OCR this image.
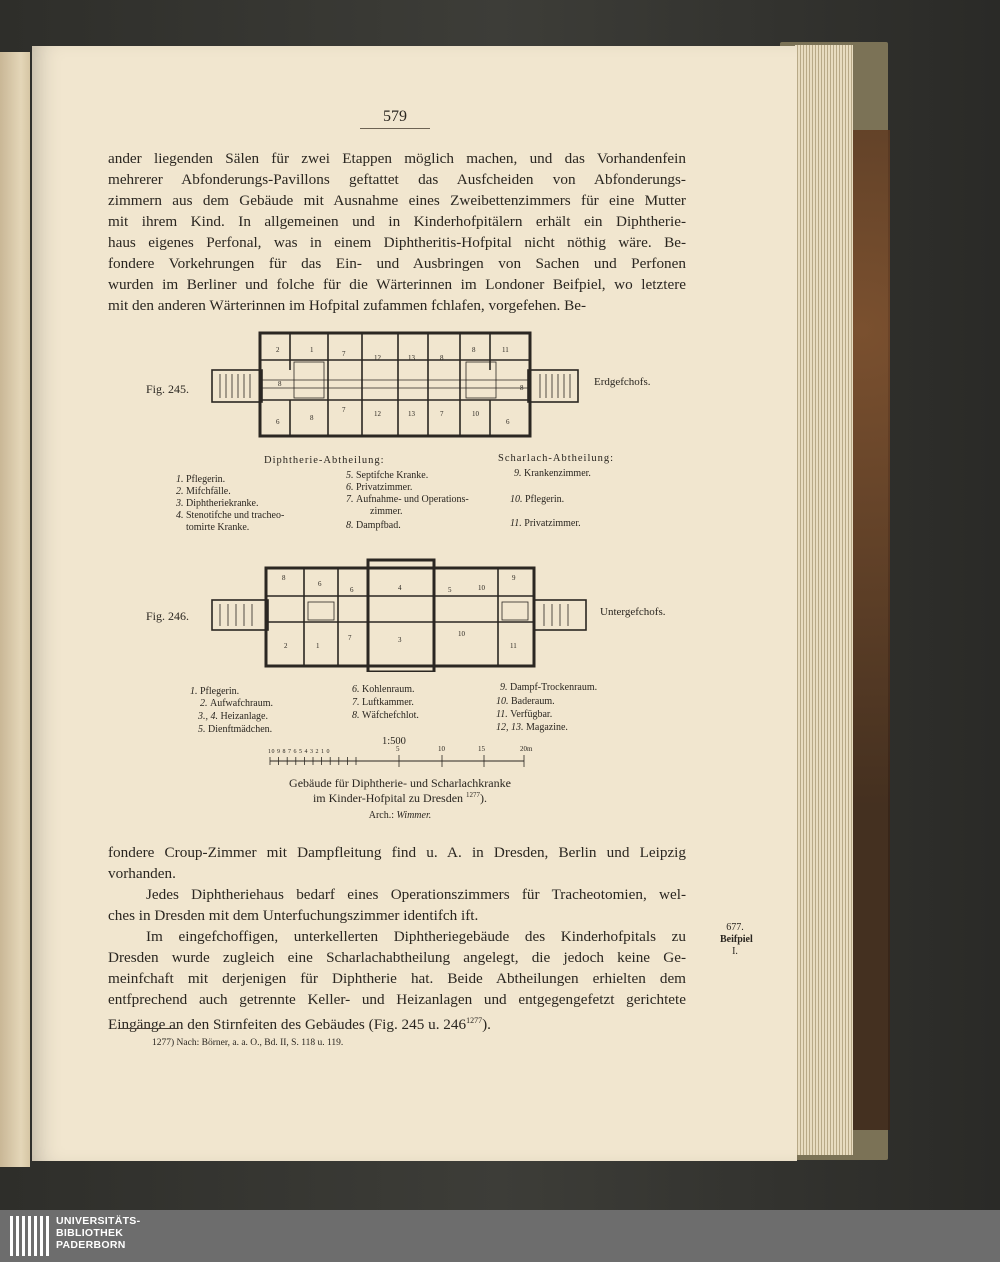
579
ander liegenden Sälen für zwei Etappen möglich machen, und das Vorhandenfein
mehrerer Abfonderungs-Pavillons geftattet das Ausfcheiden von Abfonderungs-
zimmern aus dem Gebäude mit Ausnahme eines Zweibettenzimmers für eine Mutter
mit ihrem Kind. In allgemeinen und in Kinderhofpitälern erhält ein Diphtherie-
haus eigenes Perfonal, was in einem Diphtheritis-Hofpital nicht nöthig wäre. Be-
fondere Vorkehrungen für das Ein- und Ausbringen von Sachen und Perfonen
wurden im Berliner und folche für die Wärterinnen im Londoner Beifpiel, wo letztere
mit den anderen Wärterinnen im Hofpital zufammen fchlafen, vorgefehen. Be-
Fig. 245.	Erdgefchofs.
2	1	7	12	13	8
8	11
8	8
6	8
7	12	13	7	10
6
Diphtherie-Abtheilung:	Scharlach-Abtheilung:
1. Pflegerin.
2. Mifchfälle.
3. Diphtheriekranke.
4. Stenotifche und tracheo-
tomirte Kranke.
5. Septifche Kranke.
6. Privatzimmer.
7. Aufnahme- und Operations-
zimmer.
8. Dampfbad.
9. Krankenzimmer.
10. Pflegerin.
11. Privatzimmer.
Fig. 246.	Untergefchofs.
8
6
6	4	5	10
9
2	1
7	3
10
11
1. Pflegerin.
2. Aufwafchraum.
3., 4. Heizanlage.
5. Dienftmädchen.
6. Kohlenraum.
7. Luftkammer.
8. Wäfchefchlot.
9. Dampf-Trockenraum.
10. Baderaum.
11. Verfügbar.
12, 13. Magazine.
1:500
10 9 8 7 6 5 4 3 2 1 0	5	10	15	20m
Gebäude für Diphtherie- und Scharlachkranke
im Kinder-Hofpital zu Dresden $^{1277}$).
Arch.: Wimmer.
fondere Croup-Zimmer mit Dampfleitung find u. A. in Dresden, Berlin und Leipzig
vorhanden.
Jedes Diphtheriehaus bedarf eines Operationszimmers für Tracheotomien, wel-
ches in Dresden mit dem Unterfuchungszimmer identifch ift.
Im eingefchoffigen, unterkellerten Diphtheriegebäude des Kinderhofpitals zu
Dresden wurde zugleich eine Scharlachabtheilung angelegt, die jedoch keine Ge-
meinfchaft mit derjenigen für Diphtherie hat. Beide Abtheilungen erhielten dem
entfprechend auch getrennte Keller- und Heizanlagen und entgegengefetzt gerichtete
Eingänge an den Stirnfeiten des Gebäudes (Fig. 245 u. $246^{1277}$).
677.
Beifpiel
I.
1277) Nach: Börner, a. a. O., Bd. II, S. 118 u. 119.
UNIVERSITÄTS-
BIBLIOTHEK
PADERBORN
